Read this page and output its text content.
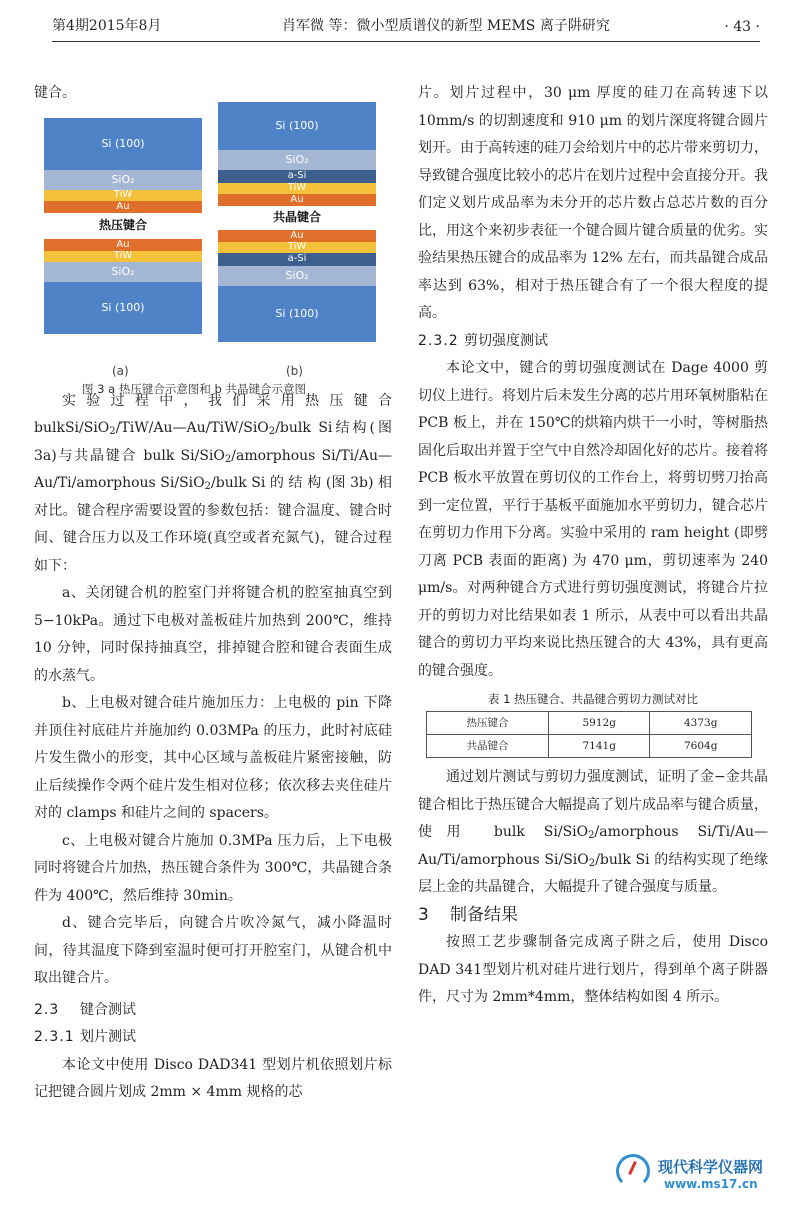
第4期2015年8月	肖军微 等：微小型质谱仪的新型 MEMS 离子阱研究	· 43 ·

键合。

Si (100)
SiO₂
TiW
Au
热压键合
Au
TiW
SiO₂
Si (100)
(a)
Si (100)
SiO₂
a-Si
TiW
Au
共晶键合
Au
TiW
a-Si
SiO₂
Si (100)
(b)
图 3 a 热压键合示意图和 b 共晶键合示意图

实验过程中，我们采用热压键合 bulkSi/SiO$_2$/TiW/Au—Au/TiW/SiO$_2$/bulk Si结构(图 3a)与共晶键合 bulk Si/SiO$_2$/amorphous Si/Ti/Au—Au/Ti/amorphous Si/SiO$_2$/bulk Si 的 结 构 (图 3b) 相对比。键合程序需要设置的参数包括：键合温度、键合时间、键合压力以及工作环境(真空或者充氮气)，键合过程如下：

a、关闭键合机的腔室门并将键合机的腔室抽真空到 5−10kPa。通过下电极对盖板硅片加热到 200℃，维持 10 分钟，同时保持抽真空，排掉键合腔和键合表面生成的水蒸气。

b、上电极对键合硅片施加压力：上电极的 pin 下降并顶住衬底硅片并施加约 0.03MPa 的压力，此时衬底硅片发生微小的形变，其中心区域与盖板硅片紧密接触，防止后续操作令两个硅片发生相对位移；依次移去夹住硅片对的 clamps 和硅片之间的 spacers。

c、上电极对键合片施加 0.3MPa 压力后，上下电极同时将键合片加热，热压键合条件为 300℃，共晶键合条件为 400℃，然后维持 30min。

d、键合完毕后，向键合片吹冷氮气，减小降温时间，待其温度下降到室温时便可打开腔室门，从键合机中取出键合片。

2.3 键合测试

2.3.1 划片测试

本论文中使用 Disco DAD341 型划片机依照划片标记把键合圆片划成 2mm × 4mm 规格的芯

片。划片过程中，30 μm 厚度的硅刀在高转速下以 10mm/s 的切割速度和 910 μm 的划片深度将键合圆片划开。由于高转速的硅刀会给划片中的芯片带来剪切力，导致键合强度比较小的芯片在划片过程中会直接分开。我们定义划片成品率为未分开的芯片数占总芯片数的百分比，用这个来初步表征一个键合圆片键合质量的优劣。实验结果热压键合的成品率为 12% 左右，而共晶键合成品率达到 63%，相对于热压键合有了一个很大程度的提高。

2.3.2 剪切强度测试

本论文中，键合的剪切强度测试在 Dage 4000 剪切仪上进行。将划片后未发生分离的芯片用环氧树脂粘在 PCB 板上，并在 150℃的烘箱内烘干一小时，等树脂热固化后取出并置于空气中自然冷却固化好的芯片。接着将 PCB 板水平放置在剪切仪的工作台上，将剪切劈刀抬高到一定位置，平行于基板平面施加水平剪切力，键合芯片在剪切力作用下分离。实验中采用的 ram height (即劈刀离 PCB 表面的距离) 为 470 μm，剪切速率为 240 μm/s。对两种键合方式进行剪切强度测试，将键合片拉开的剪切力对比结果如表 1 所示，从表中可以看出共晶键合的剪切力平均来说比热压键合的大 43%，具有更高的键合强度。

表 1 热压键合、共晶键合剪切力测试对比
热压键合	5912g	4373g
共晶键合	7141g	7604g

通过划片测试与剪切力强度测试，证明了金−金共晶键合相比于热压键合大幅提高了划片成品率与键合质量，使用 bulk Si/SiO$_2$/amorphous Si/Ti/Au—Au/Ti/amorphous Si/SiO$_2$/bulk Si 的结构实现了绝缘层上金的共晶键合，大幅提升了键合强度与质量。

3 制备结果

按照工艺步骤制备完成离子阱之后，使用 Disco DAD 341型划片机对硅片进行划片，得到单个离子阱器件，尺寸为 2mm*4mm，整体结构如图 4 所示。

现代科学仪器网
www.ms17.cn
